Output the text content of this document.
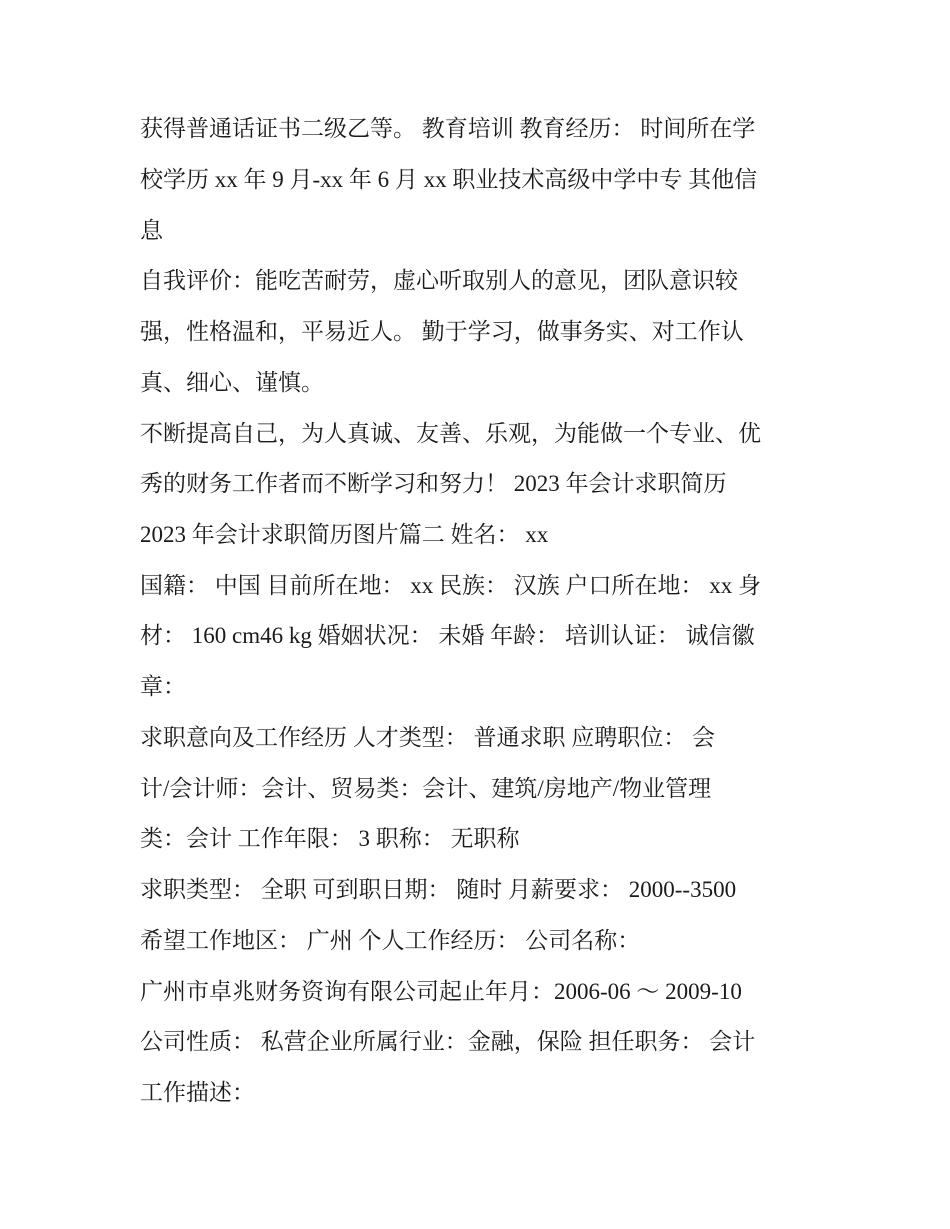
获得普通话证书二级乙等。 教育培训 教育经历： 时间所在学
校学历 xx 年 9 月-xx 年 6 月 xx 职业技术高级中学中专 其他信
息
自我评价：能吃苦耐劳，虚心听取别人的意见，团队意识较
强，性格温和，平易近人。 勤于学习，做事务实、对工作认
真、细心、谨慎。
不断提高自己，为人真诚、友善、乐观，为能做一个专业、优
秀的财务工作者而不断学习和努力！ 2023 年会计求职简历
2023 年会计求职简历图片篇二 姓名： xx
国籍： 中国 目前所在地： xx 民族： 汉族 户口所在地： xx 身
材： 160 cm46 kg 婚姻状况： 未婚 年龄： 培训认证： 诚信徽
章：
求职意向及工作经历 人才类型： 普通求职 应聘职位： 会
计/会计师：会计、贸易类：会计、建筑/房地产/物业管理
类：会计 工作年限： 3 职称： 无职称
求职类型： 全职 可到职日期： 随时 月薪要求： 2000--3500
希望工作地区： 广州 个人工作经历： 公司名称：
广州市卓兆财务资询有限公司起止年月：2006-06 ～ 2009-10
公司性质： 私营企业所属行业：金融，保险 担任职务： 会计
工作描述：
